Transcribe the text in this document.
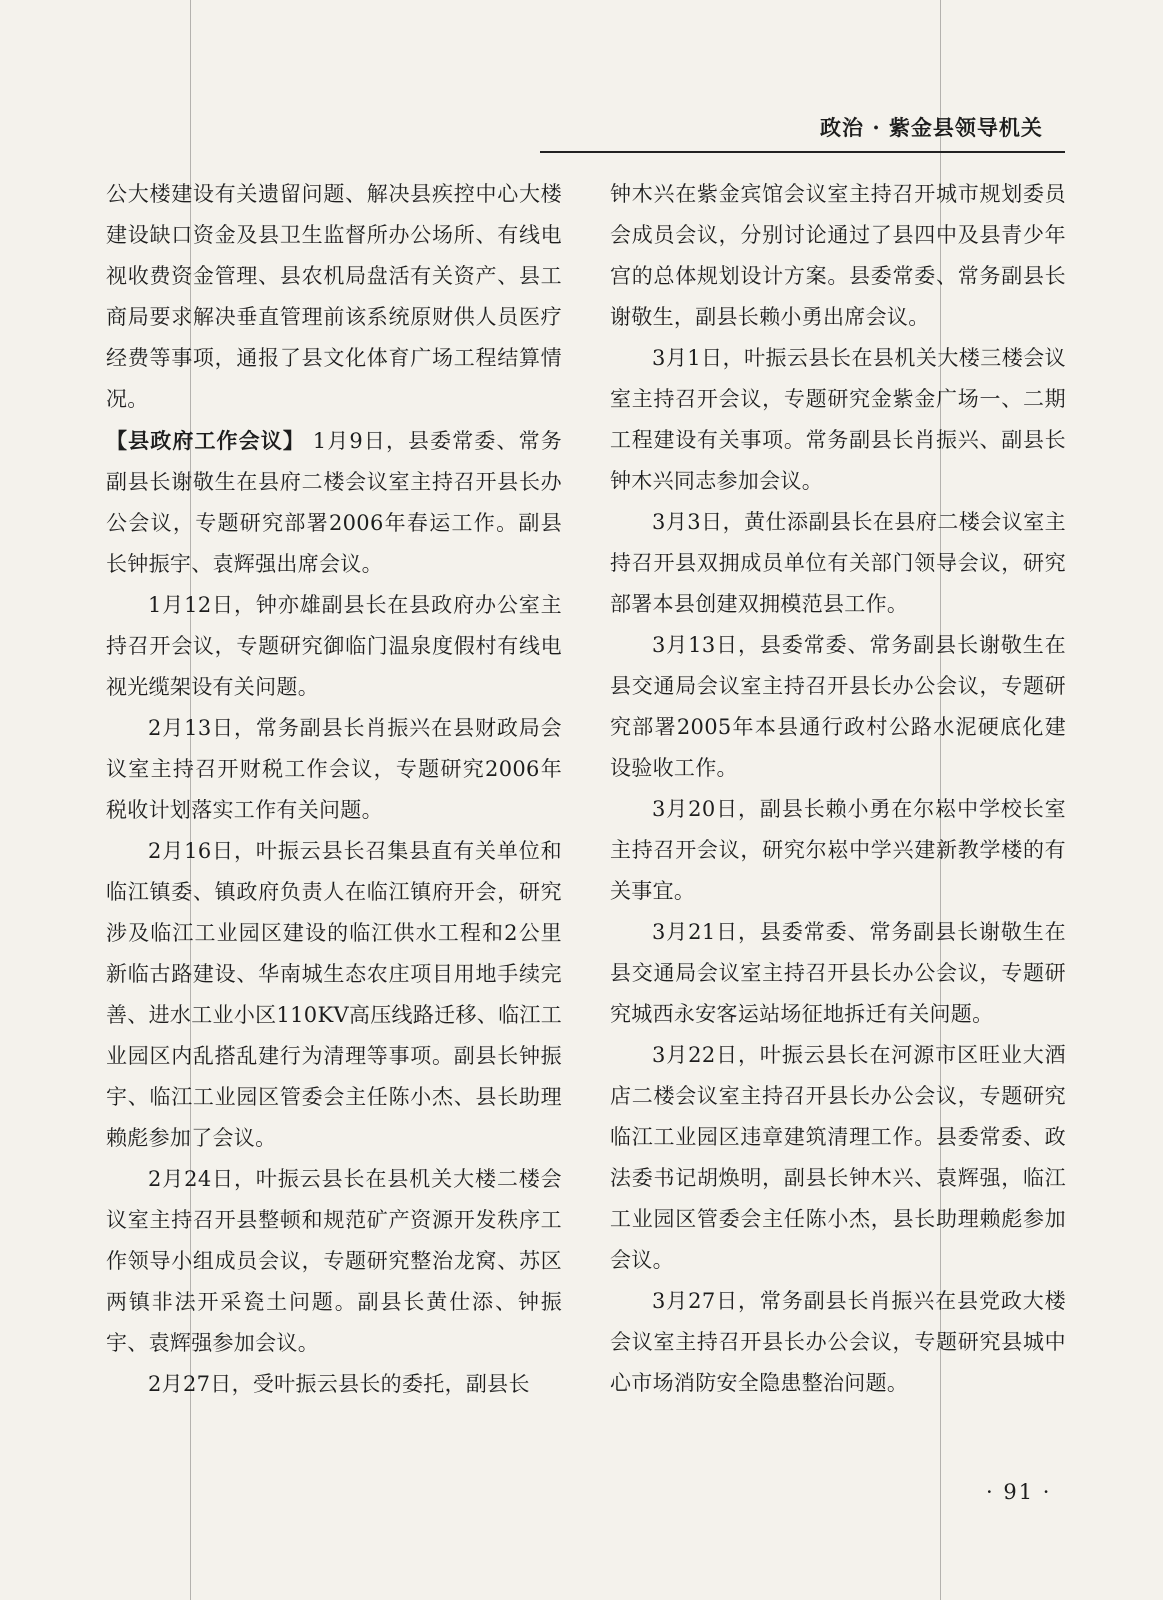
政治 · 紫金县领导机关

公大楼建设有关遗留问题、解决县疾控中心大楼建设缺口资金及县卫生监督所办公场所、有线电视收费资金管理、县农机局盘活有关资产、县工商局要求解决垂直管理前该系统原财供人员医疗经费等事项，通报了县文化体育广场工程结算情况。

【县政府工作会议】 1月9日，县委常委、常务副县长谢敬生在县府二楼会议室主持召开县长办公会议，专题研究部署2006年春运工作。副县长钟振宇、袁辉强出席会议。

1月12日，钟亦雄副县长在县政府办公室主持召开会议，专题研究御临门温泉度假村有线电视光缆架设有关问题。

2月13日，常务副县长肖振兴在县财政局会议室主持召开财税工作会议，专题研究2006年税收计划落实工作有关问题。

2月16日，叶振云县长召集县直有关单位和临江镇委、镇政府负责人在临江镇府开会，研究涉及临江工业园区建设的临江供水工程和2公里新临古路建设、华南城生态农庄项目用地手续完善、进水工业小区110KV高压线路迁移、临江工业园区内乱搭乱建行为清理等事项。副县长钟振宇、临江工业园区管委会主任陈小杰、县长助理赖彪参加了会议。

2月24日，叶振云县长在县机关大楼二楼会议室主持召开县整顿和规范矿产资源开发秩序工作领导小组成员会议，专题研究整治龙窝、苏区两镇非法开采瓷土问题。副县长黄仕添、钟振宇、袁辉强参加会议。

2月27日，受叶振云县长的委托，副县长

钟木兴在紫金宾馆会议室主持召开城市规划委员会成员会议，分别讨论通过了县四中及县青少年宫的总体规划设计方案。县委常委、常务副县长谢敬生，副县长赖小勇出席会议。

3月1日，叶振云县长在县机关大楼三楼会议室主持召开会议，专题研究金紫金广场一、二期工程建设有关事项。常务副县长肖振兴、副县长钟木兴同志参加会议。

3月3日，黄仕添副县长在县府二楼会议室主持召开县双拥成员单位有关部门领导会议，研究部署本县创建双拥模范县工作。

3月13日，县委常委、常务副县长谢敬生在县交通局会议室主持召开县长办公会议，专题研究部署2005年本县通行政村公路水泥硬底化建设验收工作。

3月20日，副县长赖小勇在尔崧中学校长室主持召开会议，研究尔崧中学兴建新教学楼的有关事宜。

3月21日，县委常委、常务副县长谢敬生在县交通局会议室主持召开县长办公会议，专题研究城西永安客运站场征地拆迁有关问题。

3月22日，叶振云县长在河源市区旺业大酒店二楼会议室主持召开县长办公会议，专题研究临江工业园区违章建筑清理工作。县委常委、政法委书记胡焕明，副县长钟木兴、袁辉强，临江工业园区管委会主任陈小杰，县长助理赖彪参加会议。

3月27日，常务副县长肖振兴在县党政大楼会议室主持召开县长办公会议，专题研究县城中心市场消防安全隐患整治问题。

· 91 ·
